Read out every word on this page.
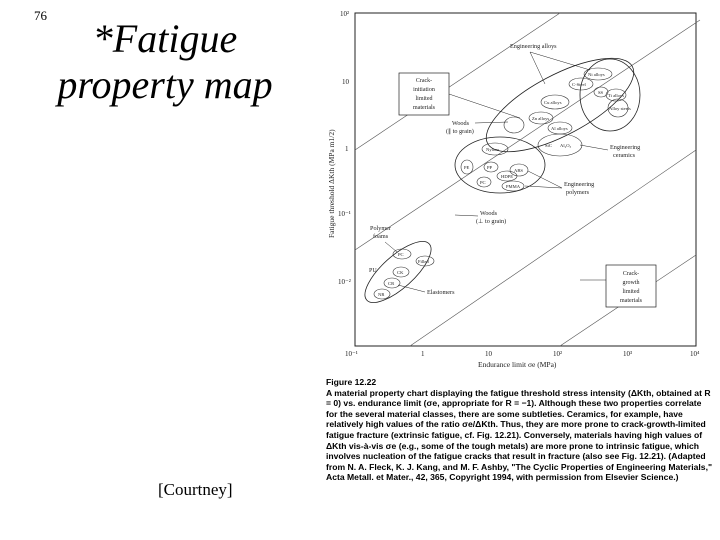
76
*Fatigue
property map
[Courtney]
10⁻¹	1	10	10²	10³	10⁴
10²
10
1
10⁻¹
10⁻²
Endurance limit σe (MPa)
Fatigue threshold ΔKth (MPa m1/2)
Ni alloys
C-Steel
SS
Ti alloys
Alloy steels
Cu alloys
Zn alloys
Al alloys
SiC Al₂O₃
Nylons
PE	PP
ABS
HDPE
PC
PMMA
PC
Filled
PU	CK
CR
NR
Crack-
initiation
limited
materials
Crack-
growth
limited
materials
Engineering alloys
Woods
(∥ to grain)
Engineering
ceramics
Engineering
polymers
Woods
(⊥ to grain)
Polymer
foams
Elastomers
Figure 12.22
A material property chart displaying the fatigue threshold stress intensity (ΔKth, obtained at R = 0) vs. endurance limit (σe, appropriate for R = −1). Although these two properties correlate for the several material classes, there are some subtleties. Ceramics, for example, have relatively high values of the ratio σe/ΔKth. Thus, they are more prone to crack-growth-limited fatigue fracture (extrinsic fatigue, cf. Fig. 12.21). Conversely, materials having high values of ΔKth vis-à-vis σe (e.g., some of the tough metals) are more prone to intrinsic fatigue, which involves nucleation of the fatigue cracks that result in fracture (also see Fig. 12.21). (Adapted from N. A. Fleck, K. J. Kang, and M. F. Ashby, "The Cyclic Properties of Engineering Materials," Acta Metall. et Mater., 42, 365, Copyright 1994, with permission from Elsevier Science.)
